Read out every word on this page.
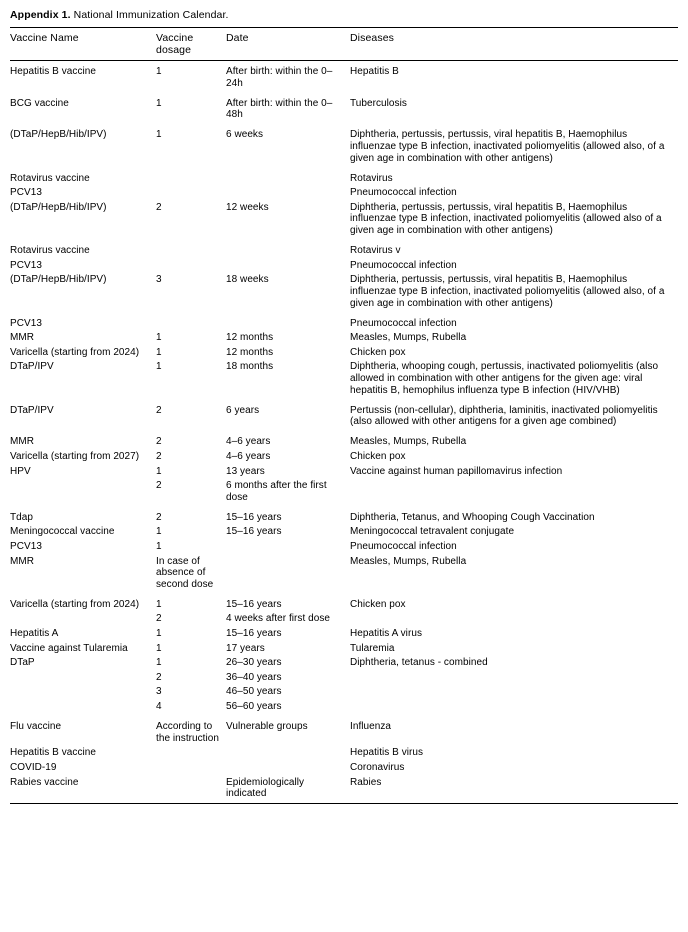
Appendix 1. National Immunization Calendar.
Vaccine Name	Vaccine dosage	Date	Diseases
Hepatitis B vaccine	1	After birth: within the 0–24h	Hepatitis B
BCG vaccine	1	After birth: within the 0–48h	Tuberculosis
(DTaP/HepB/Hib/IPV)	1	6 weeks	Diphtheria, pertussis, pertussis, viral hepatitis B, Haemophilus influenzae type B infection, inactivated poliomyelitis (allowed also, of a given age in combination with other antigens)
Rotavirus vaccine			Rotavirus
PCV13			Pneumococcal infection
(DTaP/HepB/Hib/IPV)	2	12 weeks	Diphtheria, pertussis, pertussis, viral hepatitis B, Haemophilus influenzae type B infection, inactivated poliomyelitis (allowed also of a given age in combination with other antigens)
Rotavirus vaccine			Rotavirus v
PCV13			Pneumococcal infection
(DTaP/HepB/Hib/IPV)	3	18 weeks	Diphtheria, pertussis, pertussis, viral hepatitis B, Haemophilus influenzae type B infection, inactivated poliomyelitis (allowed also, of a given age in combination with other antigens)
PCV13			Pneumococcal infection
MMR	1	12 months	Measles, Mumps, Rubella
Varicella (starting from 2024)	1	12 months	Chicken pox
DTaP/IPV	1	18 months	Diphtheria, whooping cough, pertussis, inactivated poliomyelitis (also allowed in combination with other antigens for the given age: viral hepatitis B, hemophilus influenza type B infection (HIV/VHB)
DTaP/IPV	2	6 years	Pertussis (non-cellular), diphtheria, laminitis, inactivated poliomyelitis (also allowed with other antigens for a given age combined)
MMR	2	4–6 years	Measles, Mumps, Rubella
Varicella (starting from 2027)	2	4–6 years	Chicken pox
HPV	1	13 years	Vaccine against human papillomavirus infection
	2	6 months after the first dose	
Tdap	2	15–16 years	Diphtheria, Tetanus, and Whooping Cough Vaccination
Meningococcal vaccine	1	15–16 years	Meningococcal tetravalent conjugate
PCV13	1		Pneumococcal infection
MMR	In case of absence of second dose		Measles, Mumps, Rubella
Varicella (starting from 2024)	1	15–16 years	Chicken pox
	2	4 weeks after first dose	
Hepatitis A	1	15–16 years	Hepatitis A virus
Vaccine against Tularemia	1	17 years	Tularemia
DTaP	1	26–30 years	Diphtheria, tetanus - combined
	2	36–40 years	
	3	46–50 years	
	4	56–60 years	
Flu vaccine	According to the instruction	Vulnerable groups	Influenza
Hepatitis B vaccine			Hepatitis B virus
COVID-19			Coronavirus
Rabies vaccine		Epidemiologically indicated	Rabies
